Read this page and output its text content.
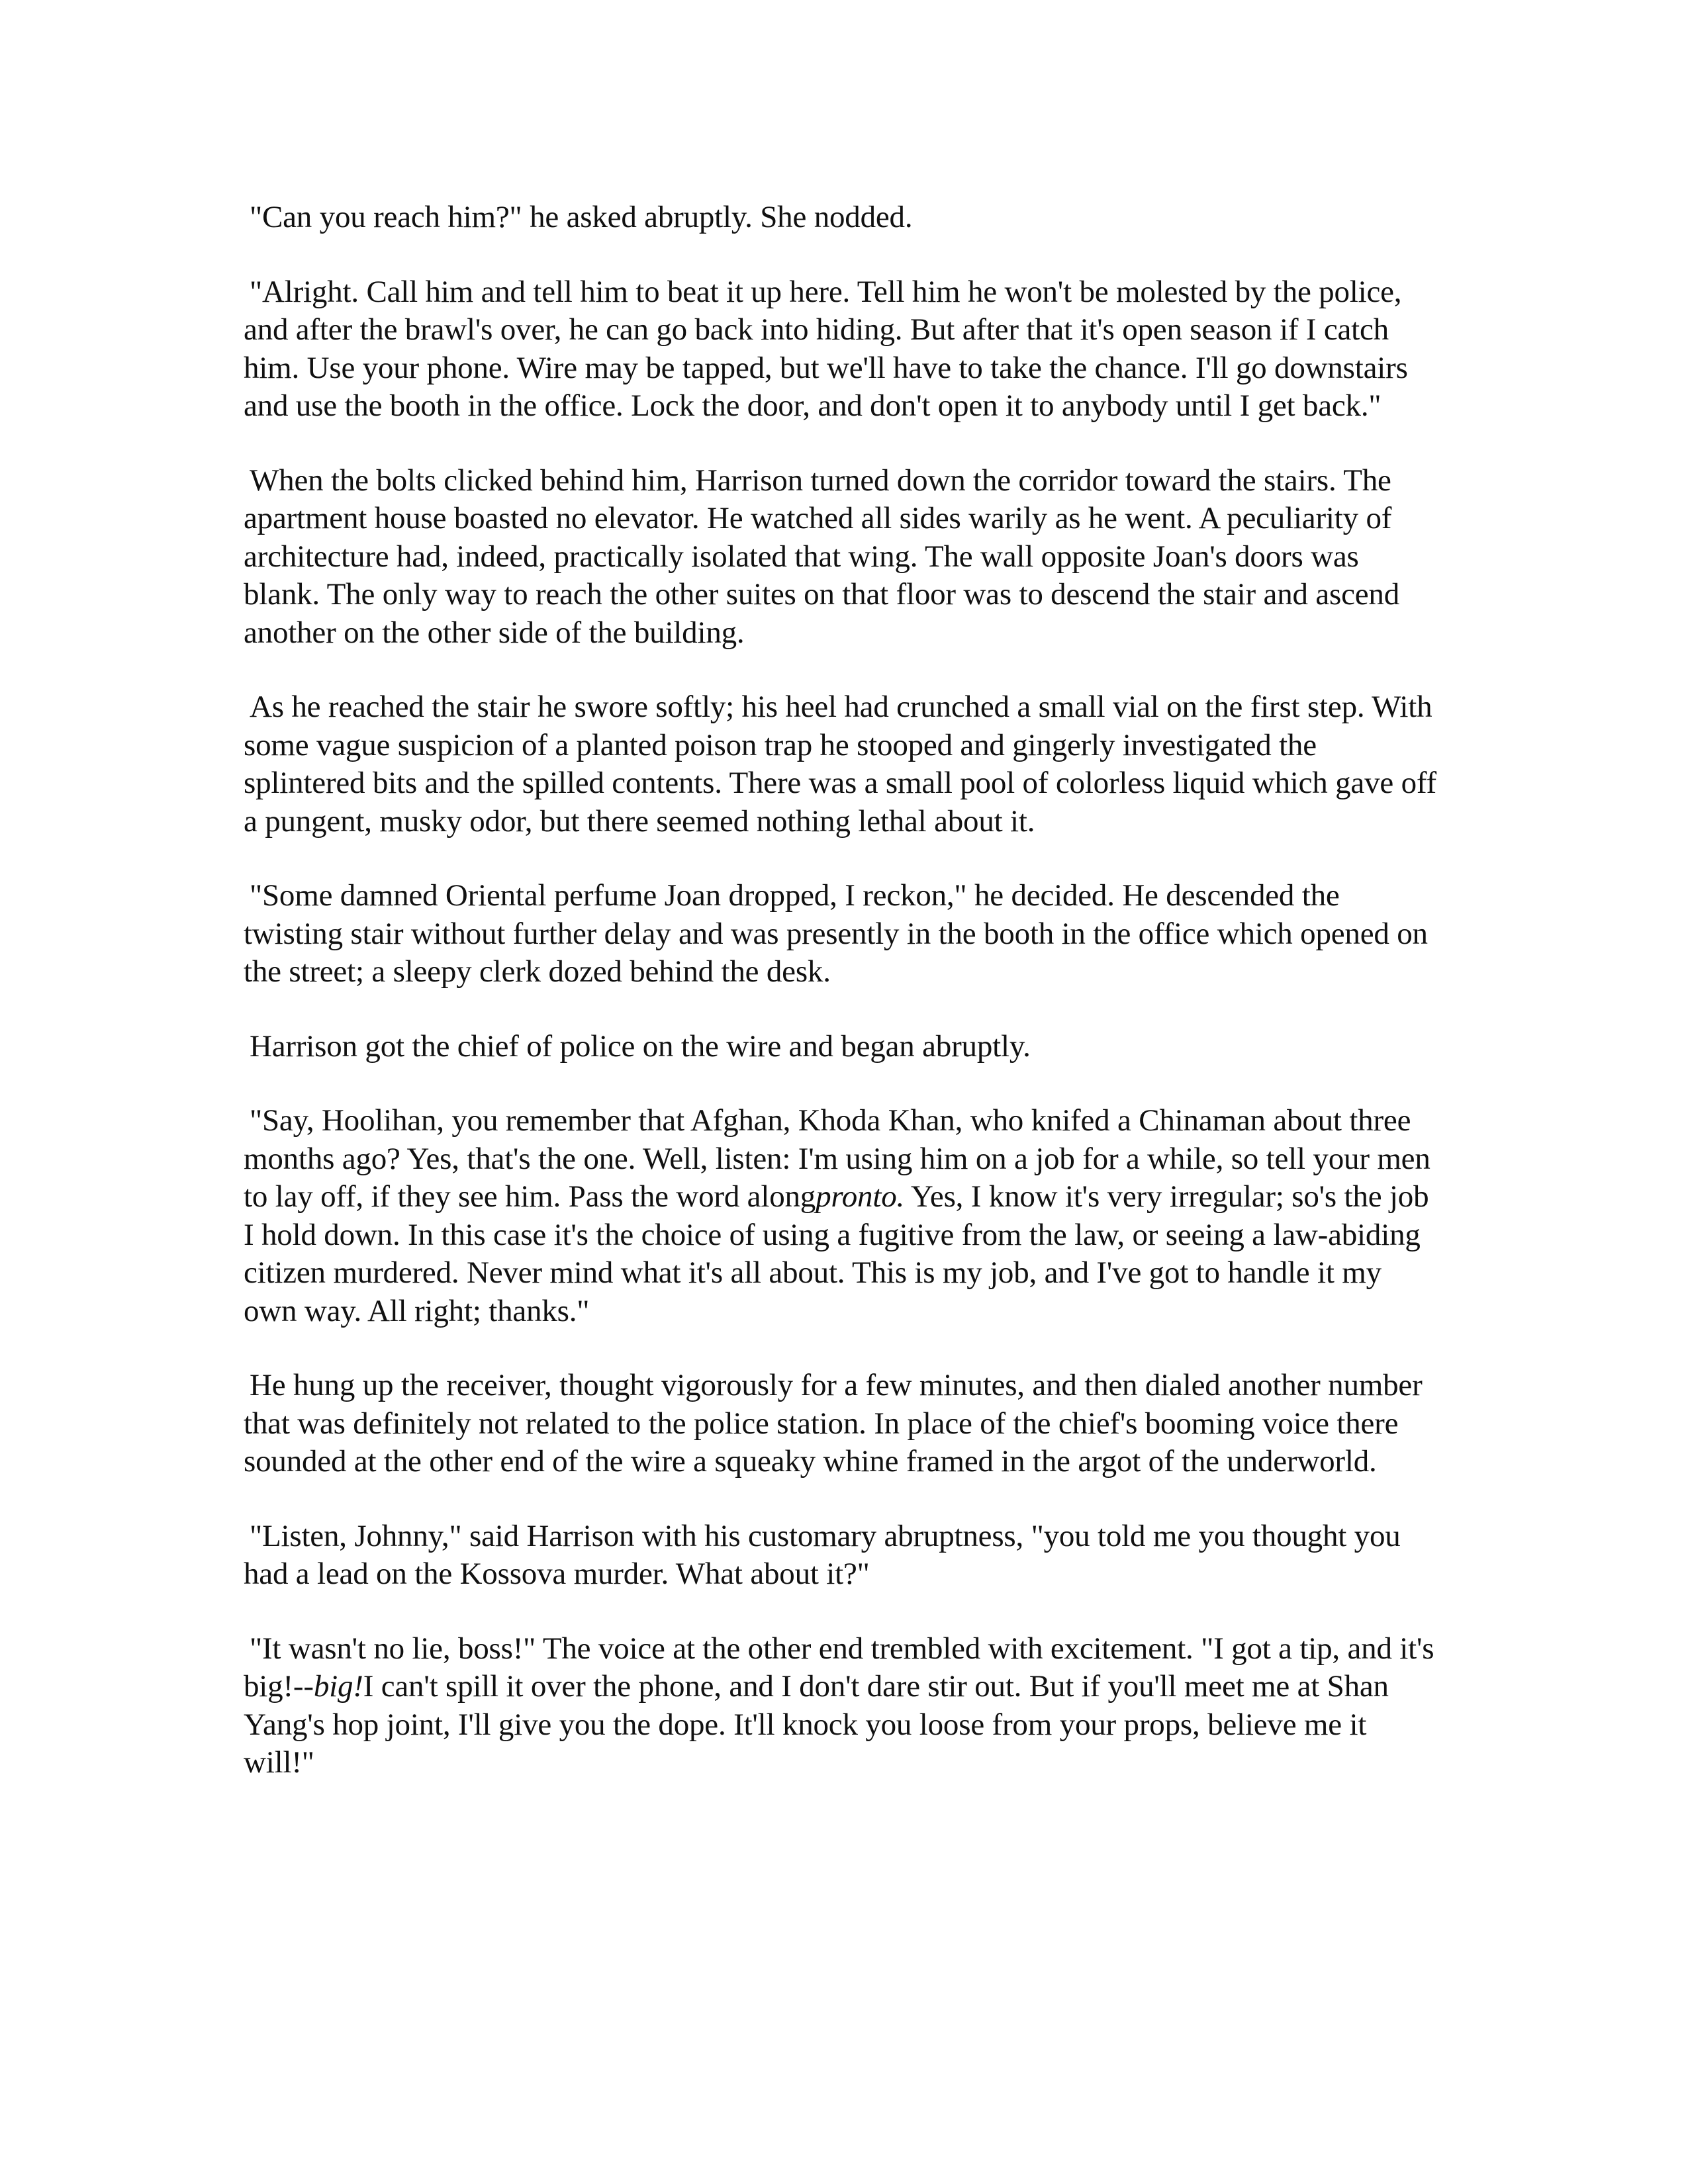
"Can you reach him?" he asked abruptly. She nodded.

"Alright. Call him and tell him to beat it up here. Tell him he won't be molested by the police, and after the brawl's over, he can go back into hiding. But after that it's open season if I catch him. Use your phone. Wire may be tapped, but we'll have to take the chance. I'll go downstairs and use the booth in the office. Lock the door, and don't open it to anybody until I get back."

When the bolts clicked behind him, Harrison turned down the corridor toward the stairs. The apartment house boasted no elevator. He watched all sides warily as he went. A peculiarity of architecture had, indeed, practically isolated that wing. The wall opposite Joan's doors was blank. The only way to reach the other suites on that floor was to descend the stair and ascend another on the other side of the building.

As he reached the stair he swore softly; his heel had crunched a small vial on the first step. With some vague suspicion of a planted poison trap he stooped and gingerly investigated the splintered bits and the spilled contents. There was a small pool of colorless liquid which gave off a pungent, musky odor, but there seemed nothing lethal about it.

"Some damned Oriental perfume Joan dropped, I reckon," he decided. He descended the twisting stair without further delay and was presently in the booth in the office which opened on the street; a sleepy clerk dozed behind the desk.

Harrison got the chief of police on the wire and began abruptly.

"Say, Hoolihan, you remember that Afghan, Khoda Khan, who knifed a Chinaman about three months ago? Yes, that's the one. Well, listen: I'm using him on a job for a while, so tell your men to lay off, if they see him. Pass the word alongpronto. Yes, I know it's very irregular; so's the job I hold down. In this case it's the choice of using a fugitive from the law, or seeing a law-abiding citizen murdered. Never mind what it's all about. This is my job, and I've got to handle it my own way. All right; thanks."

He hung up the receiver, thought vigorously for a few minutes, and then dialed another number that was definitely not related to the police station. In place of the chief's booming voice there sounded at the other end of the wire a squeaky whine framed in the argot of the underworld.

"Listen, Johnny," said Harrison with his customary abruptness, "you told me you thought you had a lead on the Kossova murder. What about it?"

"It wasn't no lie, boss!" The voice at the other end trembled with excitement. "I got a tip, and it's big!--big!I can't spill it over the phone, and I don't dare stir out. But if you'll meet me at Shan Yang's hop joint, I'll give you the dope. It'll knock you loose from your props, believe me it will!"
